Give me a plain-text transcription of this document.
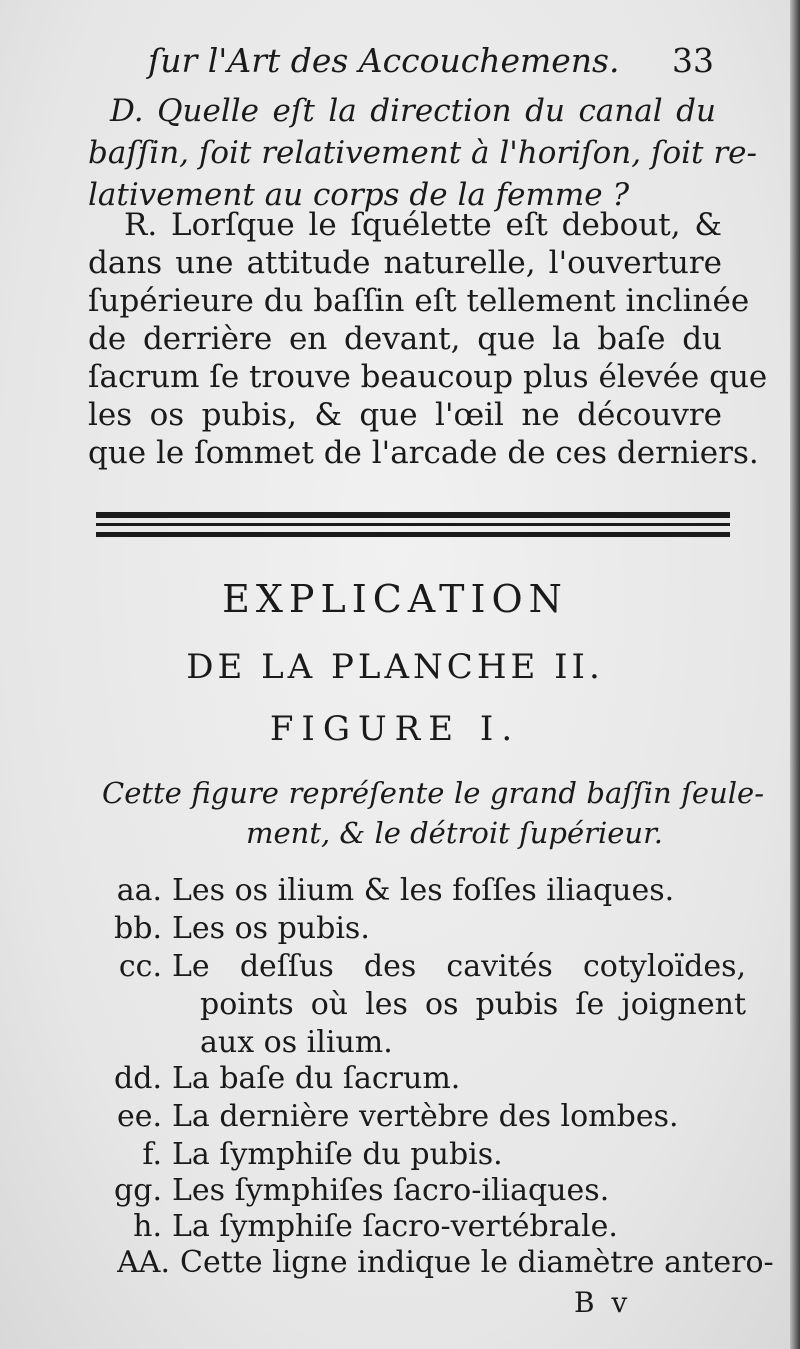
ſur l'Art des Accouchemens. 33
D. Quelle eſt la direction du canal du
baſſin, ſoit relativement à l'horiſon, ſoit re-
lativement au corps de la femme ?
R. Lorſque le ſquélette eſt debout, &
dans une attitude naturelle, l'ouverture
ſupérieure du baſſin eſt tellement inclinée
de derrière en devant, que la baſe du
ſacrum ſe trouve beaucoup plus élevée que
les os pubis, & que l'œil ne découvre
que le ſommet de l'arcade de ces derniers.
EXPLICATION
DE LA PLANCHE II.
FIGURE I.
Cette figure repréſente le grand baſſin ſeule-
ment, & le détroit ſupérieur.
aa. Les os ilium & les foſſes iliaques.
bb. Les os pubis.
cc. Le deſſus des cavités cotyloïdes,
points où les os pubis ſe joignent
aux os ilium.
dd. La baſe du ſacrum.
ee. La dernière vertèbre des lombes.
f. La ſymphiſe du pubis.
gg. Les ſymphiſes ſacro-iliaques.
h. La ſymphiſe ſacro-vertébrale.
AA. Cette ligne indique le diamètre antero-
B v
